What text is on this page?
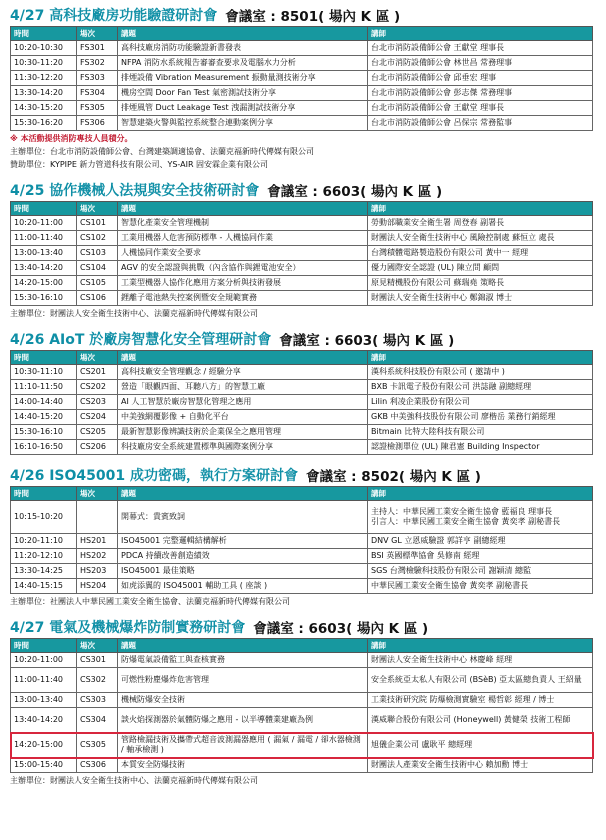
4/27 高科技廠房功能驗證研討會 會議室 : 8501( 場內 K 區 )
時間	場次	講題	講師
10:20-10:30	FS301	高科技廠房消防功能驗證新書發表	台北市消防設備師公會 王獻堂 理事長
10:30-11:20	FS302	NFPA 消防水系統報告審審查要求及電腦水力分析	台北市消防設備師公會 林世昌 常務理事
11:30-12:20	FS303	排煙設備 Vibration Measurement 振動量測技術分享	台北市消防設備師公會 邱垂宏 理事
13:30-14:20	FS304	機房空間 Door Fan Test 氣密測試技術分享	台北市消防設備師公會 彭志傑 常務理事
14:30-15:20	FS305	排煙風管 Duct Leakage Test 洩漏測試技術分享	台北市消防設備師公會 王獻堂 理事長
15:30-16:20	FS306	智慧建築火警與監控系統整合連動案例分享	台北市消防設備師公會 呂保宗 常務監事
※ 本活動提供消防專技人員積分。
主辦單位：台北市消防設備師公會、台灣建築調適協會、法蘭克福新時代傳媒有限公司
贊助單位：KYPIPE 新力管道科技有限公司、YS-AIR 固安霖企業有限公司
4/25 協作機械人法規與安全技術研討會 會議室 : 6603( 場內 K 區 )
時間	場次	講題	講師
10:20-11:00	CS101	智慧化產業安全管理機制	勞動部職業安全衛生署 周登春 副署長
11:00-11:40	CS102	工業用機器人危害預防標準 - 人機協同作業	財團法人安全衛生技術中心 風險控制處 蘇恒立 處長
13:00-13:40	CS103	人機協同作業安全要求	台灣積體電路製造股份有限公司 黃中一 經理
13:40-14:20	CS104	AGV 的安全認證與挑戰（內含協作與鋰電池安全）	優力國際安全認證 (UL) 陳立問 顧問
14:20-15:00	CS105	工業型機器人協作化應用方案分析與技術發展	原見精機股份有限公司 蘇瑞堯 策略長
15:30-16:10	CS106	鋰離子電池熱失控案例暨安全規範實務	財團法人安全衛生技術中心 鄭錦淑 博士
主辦單位：財團法人安全衛生技術中心、法蘭克福新時代傳媒有限公司
4/26 AIoT 於廠房智慧化安全管理研討會 會議室 : 6603( 場內 K 區 )
時間	場次	講題	講師
10:30-11:10	CS201	高科技廠安全管理觀念 / 經驗分享	漢科系統科技股份有限公司 ( 邀請中 )
11:10-11:50	CS202	營造「眼觀四面、耳聽八方」的智慧工廠	BXB 卡訊電子股份有限公司 洪誌融 副總經理
14:00-14:40	CS203	AI 人工智慧於廠房智慧化管理之應用	Lilin 利凌企業股份有限公司
14:40-15:20	CS204	中美強網覆影像 + 自動化平台	GKB 中美強科技股份有限公司 廖楷岳 業務行銷經理
15:30-16:10	CS205	最新智慧影像辨識技術於企業保全之應用管理	Bitmain 比特大陸科技有限公司
16:10-16:50	CS206	科技廠房安全系統建置標準與國際案例分享	認證檢測單位 (UL) 陳君憲 Building Inspector
4/26 ISO45001 成功密碼，執行方案研討會 會議室 : 8502( 場內 K 區 )
時間	場次	講題	講師
10:15-10:20		開幕式：貴賓致詞	主持人：中華民國工業安全衛生協會 藍福良 理事長
引言人：中華民國工業安全衛生協會 黃奕孝 副秘書長
10:20-11:10	HS201	ISO45001 完整邏輯結構解析	DNV GL 立恩威驗證 郭詳亨 副總經理
11:20-12:10	HS202	PDCA 持續改善創造績效	BSI 英國標準協會 吳修南 經理
13:30-14:25	HS203	ISO45001 最佳策略	SGS 台灣檢驗科技股份有限公司 謝穎清 總監
14:40-15:15	HS204	如虎添翼的 ISO45001 輔助工具 ( 座談 )	中華民國工業安全衛生協會 黃奕孝 副秘書長
主辦單位：社團法人中華民國工業安全衛生協會、法蘭克福新時代傳媒有限公司
4/27 電氣及機械爆炸防制實務研討會 會議室 : 6603( 場內 K 區 )
時間	場次	講題	講師
10:20-11:00	CS301	防爆電氣設備監工與查核實務	財團法人安全衛生技術中心 林慶峰 經理
11:00-11:40	CS302	可燃性粉塵爆炸危害管理	安全系統亞太私人有限公司 (BSèB) 亞太區總負責人 王紹量
13:00-13:40	CS303	機械防爆安全技術	工業技術研究院 防爆檢測實驗室 楊哲彰 經理 / 博士
13:40-14:20	CS304	談火焰探測器於氣體防爆之應用 - 以半導體業建廠為例	漢威聯合股份有限公司 (Honeywell) 黃健榮 技術工程師
14:20-15:00	CS305	管路檢漏技術及攜帶式超音波測漏器應用 ( 漏氣 / 漏電 / 卻水器檢測 / 軸承檢測 )	旭儀企業公司 盧耿平 總經理
15:00-15:40	CS306	本質安全防爆技術	財團法人產業安全衛生技術中心 賴加勳 博士
主辦單位：財團法人安全衛生技術中心、法蘭克福新時代傳媒有限公司
